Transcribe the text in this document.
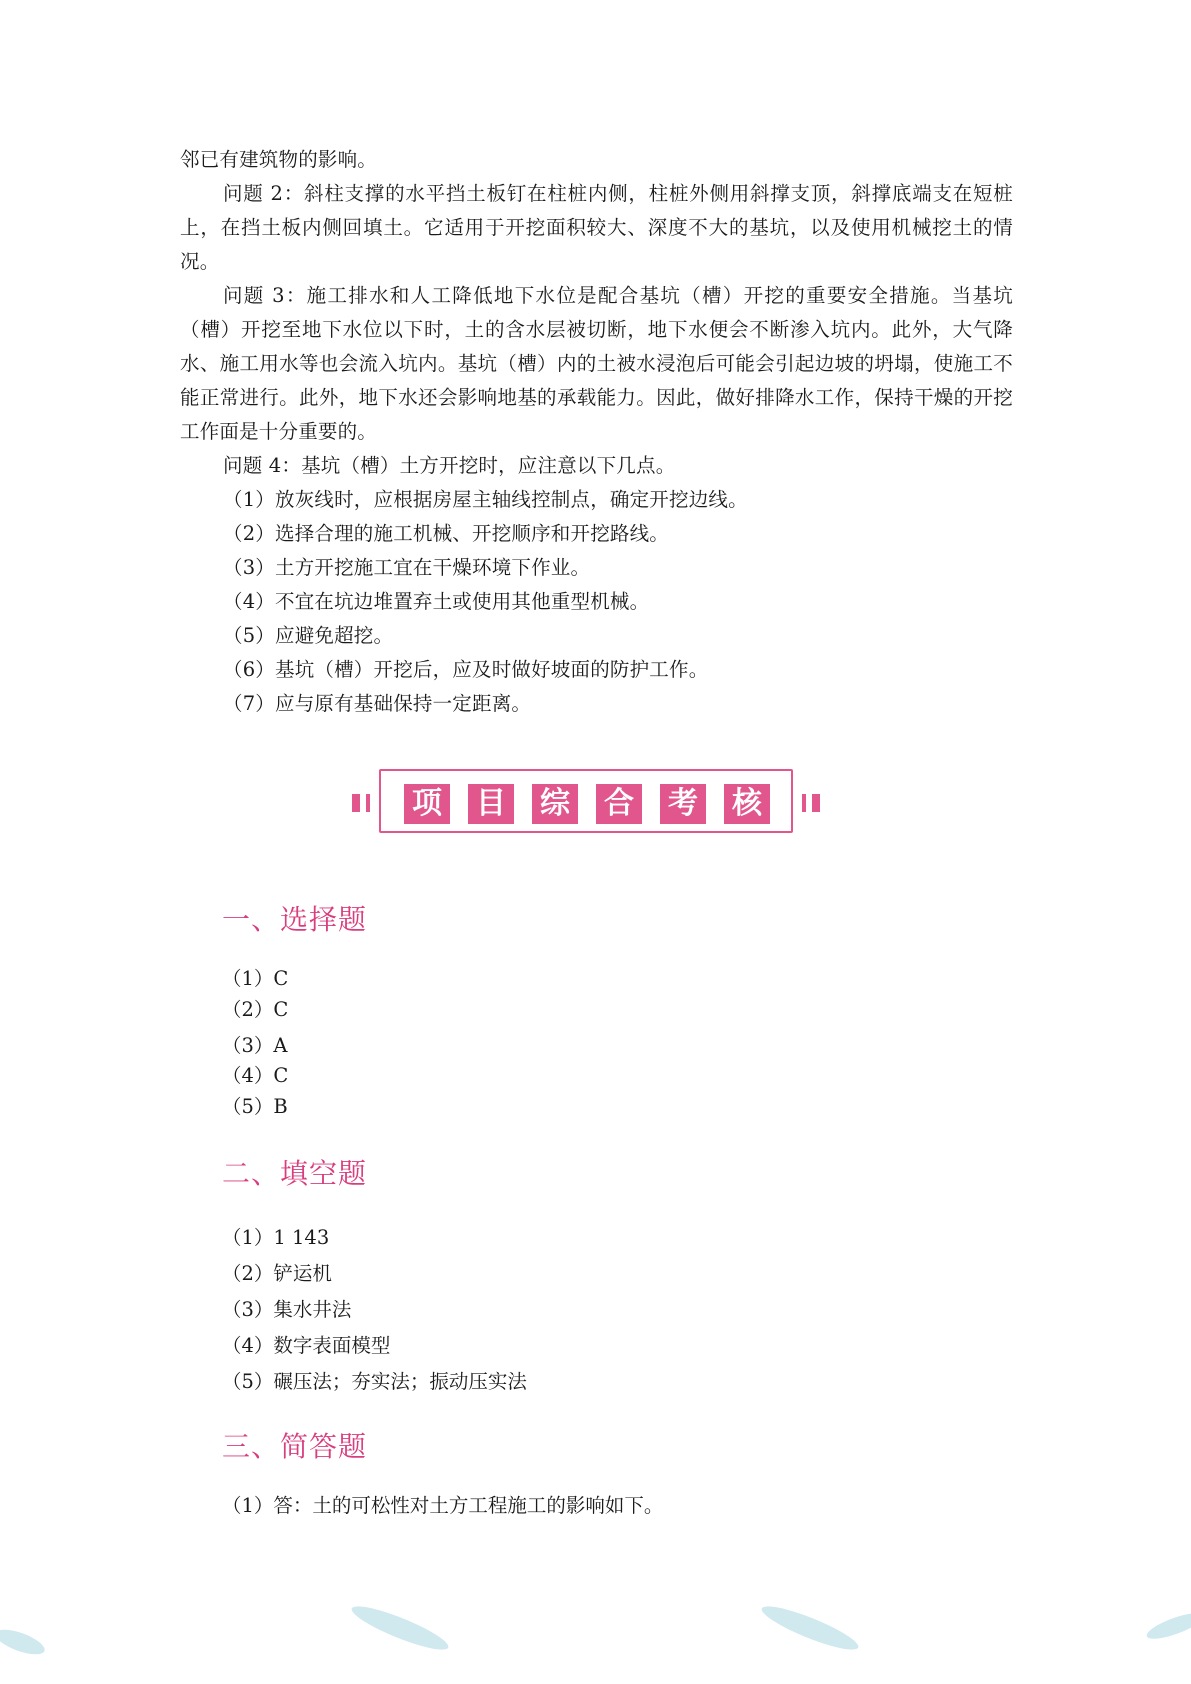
邻已有建筑物的影响。

问题 2：斜柱支撑的水平挡土板钉在柱桩内侧，柱桩外侧用斜撑支顶，斜撑底端支在短桩上，在挡土板内侧回填土。它适用于开挖面积较大、深度不大的基坑，以及使用机械挖土的情况。

问题 3：施工排水和人工降低地下水位是配合基坑（槽）开挖的重要安全措施。当基坑（槽）开挖至地下水位以下时，土的含水层被切断，地下水便会不断渗入坑内。此外，大气降水、施工用水等也会流入坑内。基坑（槽）内的土被水浸泡后可能会引起边坡的坍塌，使施工不能正常进行。此外，地下水还会影响地基的承载能力。因此，做好排降水工作，保持干燥的开挖工作面是十分重要的。

问题 4：基坑（槽）土方开挖时，应注意以下几点。

（1）放灰线时，应根据房屋主轴线控制点，确定开挖边线。

（2）选择合理的施工机械、开挖顺序和开挖路线。

（3）土方开挖施工宜在干燥环境下作业。

（4）不宜在坑边堆置弃土或使用其他重型机械。

（5）应避免超挖。

（6）基坑（槽）开挖后，应及时做好坡面的防护工作。

（7）应与原有基础保持一定距离。

项 目 综 合 考 核
一、选择题
（1）C
（2）C
（3）A
（4）C
（5）B
二、填空题
（1）1 143
（2）铲运机
（3）集水井法
（4）数字表面模型
（5）碾压法；夯实法；振动压实法
三、简答题
（1）答：土的可松性对土方工程施工的影响如下。
